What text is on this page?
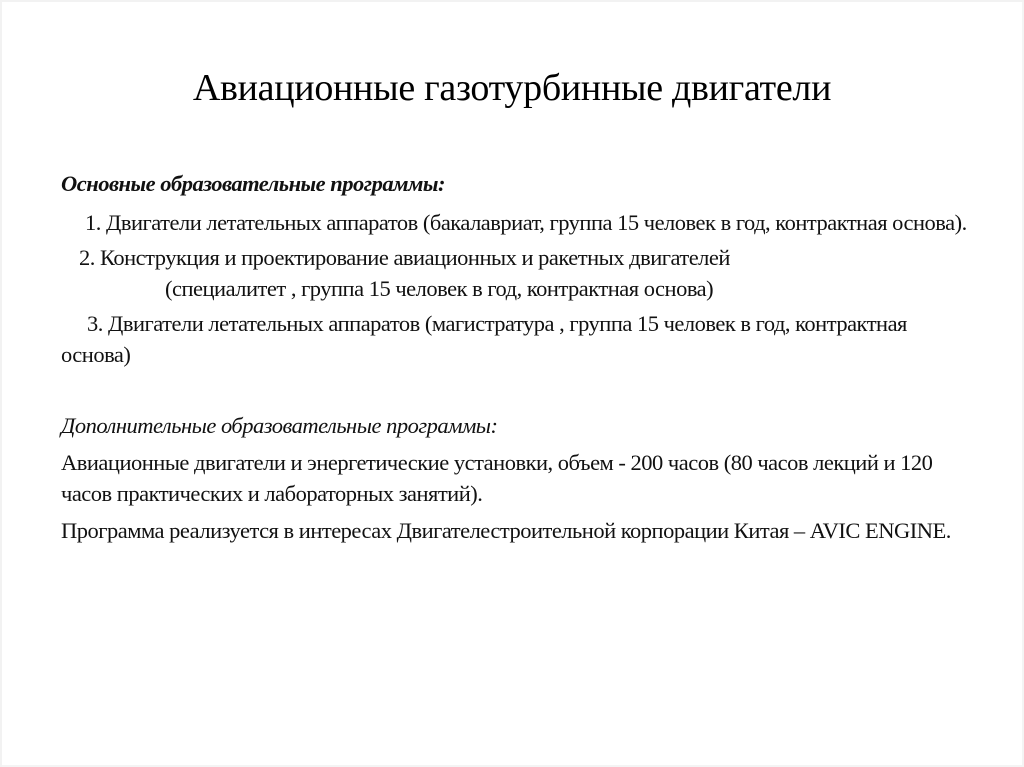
Авиационные газотурбинные двигатели

Основные образовательные программы:

1. Двигатели летательных аппаратов (бакалавриат, группа 15 человек в год, контрактная основа).

2. Конструкция и проектирование авиационных и ракетных двигателей
(специалитет , группа 15 человек в год, контрактная основа)

3. Двигатели летательных аппаратов (магистратура , группа 15 человек в год, контрактная основа)

Дополнительные образовательные программы:

Авиационные двигатели и энергетические установки, объем - 200 часов (80 часов лекций и 120 часов практических и лабораторных занятий).

Программа реализуется в интересах Двигателестроительной корпорации Китая – AVIC ENGINE.
